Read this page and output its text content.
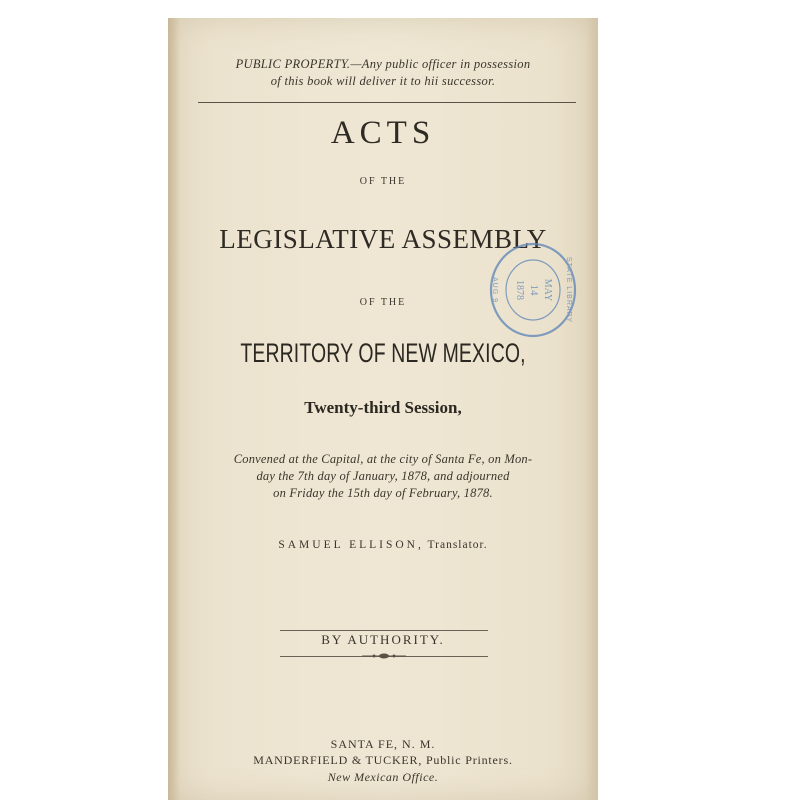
PUBLIC PROPERTY.—Any public officer in possession
of this book will deliver it to hii successor.
ACTS
OF THE
LEGISLATIVE ASSEMBLY
OF THE
TERRITORY OF NEW MEXICO,
Twenty-third Session,
Convened at the Capital, at the city of Santa Fe, on Mon-
day the 7th day of January, 1878, and adjourned
on Friday the 15th day of February, 1878.
SAMUEL ELLISON, Translator.
BY AUTHORITY.
SANTA FE, N. M.
MANDERFIELD & TUCKER, Public Printers.
New Mexican Office.
MAY
14
1878	STATE LIBRARY
AUG 9
